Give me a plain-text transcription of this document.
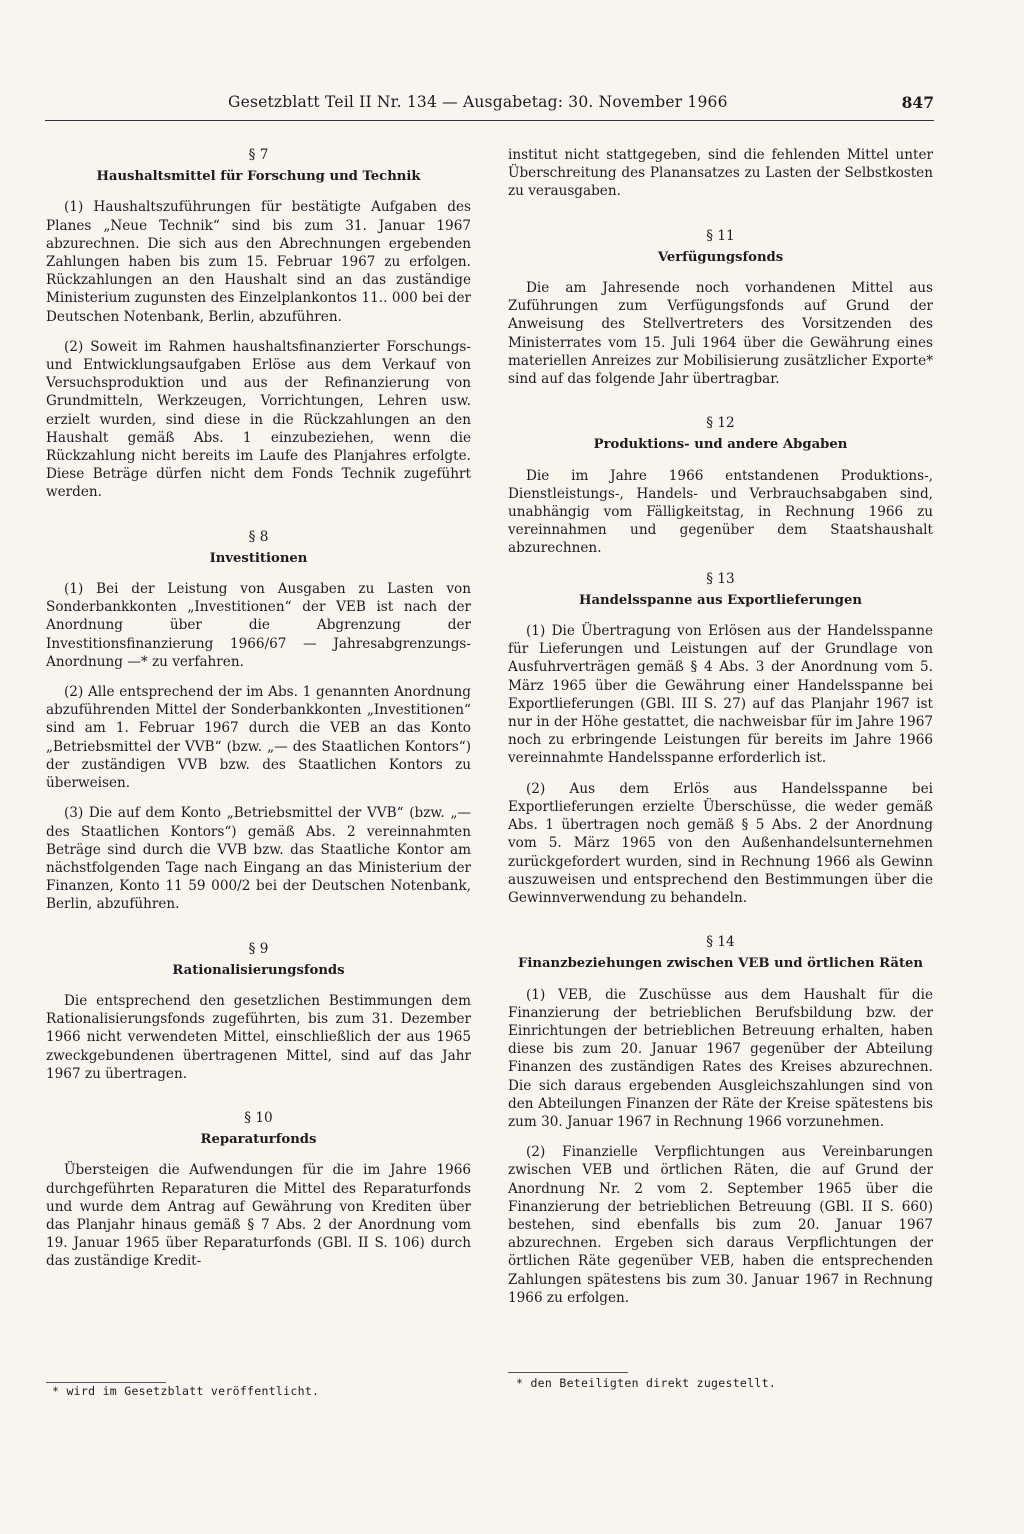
Gesetzblatt Teil II Nr. 134 — Ausgabetag: 30. November 1966	847
§ 7
Haushaltsmittel für Forschung und Technik

(1) Haushaltszuführungen für bestätigte Aufgaben des Planes „Neue Technik“ sind bis zum 31. Januar 1967 abzurechnen. Die sich aus den Abrechnungen ergebenden Zahlungen haben bis zum 15. Februar 1967 zu erfolgen. Rückzahlungen an den Haushalt sind an das zuständige Ministerium zugunsten des Einzelplankontos 11.. 000 bei der Deutschen Notenbank, Berlin, abzuführen.

(2) Soweit im Rahmen haushaltsfinanzierter Forschungs- und Entwicklungsaufgaben Erlöse aus dem Verkauf von Versuchsproduktion und aus der Refinanzierung von Grundmitteln, Werkzeugen, Vorrichtungen, Lehren usw. erzielt wurden, sind diese in die Rückzahlungen an den Haushalt gemäß Abs. 1 einzubeziehen, wenn die Rückzahlung nicht bereits im Laufe des Planjahres erfolgte. Diese Beträge dürfen nicht dem Fonds Technik zugeführt werden.

§ 8
Investitionen

(1) Bei der Leistung von Ausgaben zu Lasten von Sonderbankkonten „Investitionen“ der VEB ist nach der Anordnung über die Abgrenzung der Investitionsfinanzierung 1966/67 — Jahresabgrenzungs-Anordnung —* zu verfahren.

(2) Alle entsprechend der im Abs. 1 genannten Anordnung abzuführenden Mittel der Sonderbankkonten „Investitionen“ sind am 1. Februar 1967 durch die VEB an das Konto „Betriebsmittel der VVB“ (bzw. „— des Staatlichen Kontors“) der zuständigen VVB bzw. des Staatlichen Kontors zu überweisen.

(3) Die auf dem Konto „Betriebsmittel der VVB“ (bzw. „— des Staatlichen Kontors“) gemäß Abs. 2 vereinnahmten Beträge sind durch die VVB bzw. das Staatliche Kontor am nächstfolgenden Tage nach Eingang an das Ministerium der Finanzen, Konto 11 59 000/2 bei der Deutschen Notenbank, Berlin, abzuführen.

§ 9
Rationalisierungsfonds

Die entsprechend den gesetzlichen Bestimmungen dem Rationalisierungsfonds zugeführten, bis zum 31. Dezember 1966 nicht verwendeten Mittel, einschließlich der aus 1965 zweckgebundenen übertragenen Mittel, sind auf das Jahr 1967 zu übertragen.

§ 10
Reparaturfonds

Übersteigen die Aufwendungen für die im Jahre 1966 durchgeführten Reparaturen die Mittel des Reparaturfonds und wurde dem Antrag auf Gewährung von Krediten über das Planjahr hinaus gemäß § 7 Abs. 2 der Anordnung vom 19. Januar 1965 über Reparaturfonds (GBl. II S. 106) durch das zuständige Kredit-

* wird im Gesetzblatt veröffentlicht.

institut nicht stattgegeben, sind die fehlenden Mittel unter Überschreitung des Planansatzes zu Lasten der Selbstkosten zu verausgaben.

§ 11
Verfügungsfonds

Die am Jahresende noch vorhandenen Mittel aus Zuführungen zum Verfügungsfonds auf Grund der Anweisung des Stellvertreters des Vorsitzenden des Ministerrates vom 15. Juli 1964 über die Gewährung eines materiellen Anreizes zur Mobilisierung zusätzlicher Exporte* sind auf das folgende Jahr übertragbar.

§ 12
Produktions- und andere Abgaben

Die im Jahre 1966 entstandenen Produktions-, Dienstleistungs-, Handels- und Verbrauchsabgaben sind, unabhängig vom Fälligkeitstag, in Rechnung 1966 zu vereinnahmen und gegenüber dem Staatshaushalt abzurechnen.

§ 13
Handelsspanne aus Exportlieferungen

(1) Die Übertragung von Erlösen aus der Handelsspanne für Lieferungen und Leistungen auf der Grundlage von Ausfuhrverträgen gemäß § 4 Abs. 3 der Anordnung vom 5. März 1965 über die Gewährung einer Handelsspanne bei Exportlieferungen (GBl. III S. 27) auf das Planjahr 1967 ist nur in der Höhe gestattet, die nachweisbar für im Jahre 1967 noch zu erbringende Leistungen für bereits im Jahre 1966 vereinnahmte Handelsspanne erforderlich ist.

(2) Aus dem Erlös aus Handelsspanne bei Exportlieferungen erzielte Überschüsse, die weder gemäß Abs. 1 übertragen noch gemäß § 5 Abs. 2 der Anordnung vom 5. März 1965 von den Außenhandelsunternehmen zurückgefordert wurden, sind in Rechnung 1966 als Gewinn auszuweisen und entsprechend den Bestimmungen über die Gewinnverwendung zu behandeln.

§ 14
Finanzbeziehungen zwischen VEB und örtlichen Räten

(1) VEB, die Zuschüsse aus dem Haushalt für die Finanzierung der betrieblichen Berufsbildung bzw. der Einrichtungen der betrieblichen Betreuung erhalten, haben diese bis zum 20. Januar 1967 gegenüber der Abteilung Finanzen des zuständigen Rates des Kreises abzurechnen. Die sich daraus ergebenden Ausgleichszahlungen sind von den Abteilungen Finanzen der Räte der Kreise spätestens bis zum 30. Januar 1967 in Rechnung 1966 vorzunehmen.

(2) Finanzielle Verpflichtungen aus Vereinbarungen zwischen VEB und örtlichen Räten, die auf Grund der Anordnung Nr. 2 vom 2. September 1965 über die Finanzierung der betrieblichen Betreuung (GBl. II S. 660) bestehen, sind ebenfalls bis zum 20. Januar 1967 abzurechnen. Ergeben sich daraus Verpflichtungen der örtlichen Räte gegenüber VEB, haben die entsprechenden Zahlungen spätestens bis zum 30. Januar 1967 in Rechnung 1966 zu erfolgen.

* den Beteiligten direkt zugestellt.
